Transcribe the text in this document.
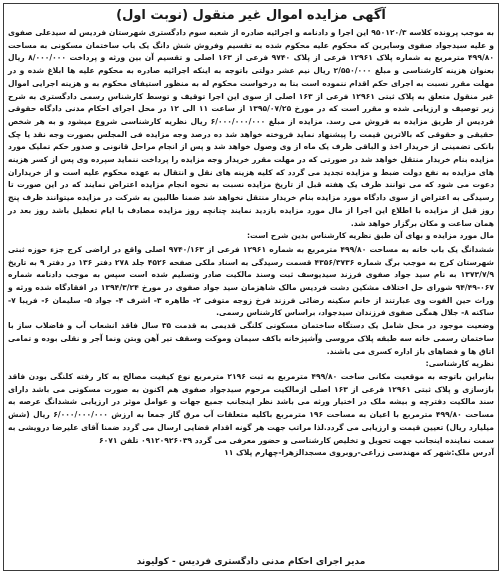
آگهی مزایده اموال غیر منقول (نوبت اول)

به موجب پرونده کلاسه ۹۵۰۱۲۰/۳ این اجرا و دادنامه و اجرائیه صادره از شعبه سوم دادگستری شهرستان فردیس له سیدعلی صفوی و علیه سیدجواد صفوی وسایرین که محکوم علیه محکوم شده به تقسیم وفروش شش دانگ یک باب ساختمان مسکونی به مساحت ۴۹۹/۸۰ مترمربع به شماره پلاک ۱۲۹۶۱ فرعی از پلاک ۹۷۴۰ فرعی از ۱۶۳ اصلی و تقسیم آن بین ورثه و پرداخت ۸/۰۰۰/۰۰۰ ریال بعنوان هزینه کارشناسی و مبلغ ۲/۵۵۰/۰۰۰ ریال نیم عشر دولتی باتوجه به اینکه اجرائیه صادره به محکوم علیه ها ابلاغ شده و در مهلت مقرر نسبت به اجرای حکم اقدام ننموده است بنا به درخواست محکوم له به منظور استیفای محکوم به و هزینه اجرایی اموال غیر منقول متعلق به پلاک ثبتی ۱۲۹۶۱ فرعی از ۱۶۳ اصلی از سوی این اجرا توقیف و توسط کارشناس رسمی دادگستری به شرح زیر توصیف و ارزیابی شده و مقرر است که در مورخ ۱۳۹۵/۰۷/۲۵ از ساعت ۱۱ الی ۱۲ در محل اجرای احکام مدنی دادگاه حقوقی فردیس از طریق مزایده به فروش می رسد. مزایده از مبلغ ۶/۰۰۰/۰۰۰/۰۰۰ ریال نظریه کارشناسی شروع میشود و به هر شخص حقیقی و حقوقی که بالاترین قیمت را پیشنهاد نماید فروخته خواهد شد ده درصد وجه مزایده فی المجلس بصورت وجه نقد یا چک بانکی تضمینی از خریدار اخذ و الباقی ظرف یک ماه از وی وصول خواهد شد و پس از انجام مراحل قانونی و صدور حکم تملیک مورد مزایده بنام خریدار منتقل خواهد شد در صورتی که در مهلت مقرر خریدار وجه مزایده را پرداخت ننماید سپرده وی پس از کسر هزینه های مزایده به نفع دولت ضبط و مزایده تجدید می گردد که کلیه هزینه های نقل و انتقال به عهده محکوم علیه است و از خریداران دعوت می شود که می توانند ظرف یک هفته قبل از تاریخ مزایده نسبت به نحوه انجام مزایده اعتراض نمایند که در این صورت تا رسیدگی به اعتراض از سوی دادگاه مورد مزایده بنام خریدار منتقل نخواهد شد ضمنا طالبین به شرکت در مزایده میتوانند ظرف پنج روز قبل از مزایده با اطلاع این اجرا از مال مورد مزایده بازدید نمایند چنانچه روز مزایده مصادف با ایام تعطیل باشد روز بعد در همان ساعت و مکان برگزار خواهد شد.

مال مورد مزایده و بهای آن طبق نظریه کارشناس بدین شرح است:

ششدانگ یک باب خانه به مساحت ۴۹۹/۸۰ مترمربع به شماره ۱۲۹۶۱ فرعی از ۹۷۴۰/۱۶۳ اصلی واقع در اراضی کرج جزء حوزه ثبتی شهرستان کرج به موجب برگ شماره ۴۳۵۶/۳۷۳۶ قسمت رسیدگی به اسناد ملکی صفحه ۴۵۲۶ جلد ۲۷۸ دفتر ۱۳۶ در دفتر ۹ به تاریخ ۱۳۷۳/۷/۹ به نام سید جواد صفوی فرزند سیدیوسف ثبت وسند مالکیت صادر وتسلیم شده است سپس به موجب دادنامه شماره ۰۶۷-۹۴/۴۹ شورای حل اختلاف مشکین دشت فردیس مالک شاهزمان سید جواد صفوی در مورخ ۱۳۹۴/۳/۲۴ در افقادگاه شده ورثه و وراث حین الفوت وی عبارتند از خانم سکینه رضائی فرزند فرخ زوجه متوفی ۲- طاهره ۳- اشرف ۴- جواد ۵- سلیمان ۶- فریبا ۷- ساکنه ۸- جلال همگی صفوی فرزندان سیدجواد، براساس کارشناس رسمی.

وضعیت موجود در محل شامل یک دستگاه ساختمان مسکونی کلنگی قدیمی به قدمت ۳۵ سال فاقد انشعاب آب و فاضلاب ساز با ساختمان رسمی خانه سه طبقه پلاک مروسی وآشپزخانه باکف سیمان وموکت وسقف تیر آهن وبتن ونما آجر و نقلی بوده و تمامی اتاق ها و فضاهای باز اداره کسری می باشند.

نظریه کارشناسی:

بنابراین باتوجه به موقعیت مکانی ساخت ۴۹۹/۸۰ مترمربع به ثبت ۲۱۹۶ مترمربع نوع کیفیت مصالح به کار رفته کلنگی بودن فاقد بازسازی و پلاک ثبتی ۱۲۹۶۱ فرعی از ۱۶۳ اصلی ازمالکیت مرحوم سیدجواد صفوی هم اکنون به صورت مسکونی می باشد دارای سند مالکیت دفترچه و بیشه ملک در اختیار ورثه می باشد نظر اینجانب جمیع جهات و عوامل موثر در ارزیابی ششدانگ عرصه به مساحت ۴۹۹/۸۰ مترمربع با اعیان به مساحت ۱۹۶ مترمربع باکلیه متعلقات آب مرق گاز جمعا به ارزش ۶/۰۰۰/۰۰۰/۰۰۰ ریال (شش میلیارد ریال) تعیین قیمت و ارزیابی می گردد.لذا مراتب جهت هر گونه اقدام قضایی ارسال می گردد ضمنا آقای علیرضا درویشی به سمت نماینده اینجانب جهت تحویل و تخلیص کارشناسی و حضور معرفی می گردد ۰۹۱۲۰۹۲۶۰۳۹ تلفن ۶۰۷۱

آدرس ملک:شهر که مهندسی زراعی-روبروی مسجدالزهرا-چهارم پلاک ۱۱

مدیر اجرای احکام مدنی دادگستری فردیس - کولیوند
